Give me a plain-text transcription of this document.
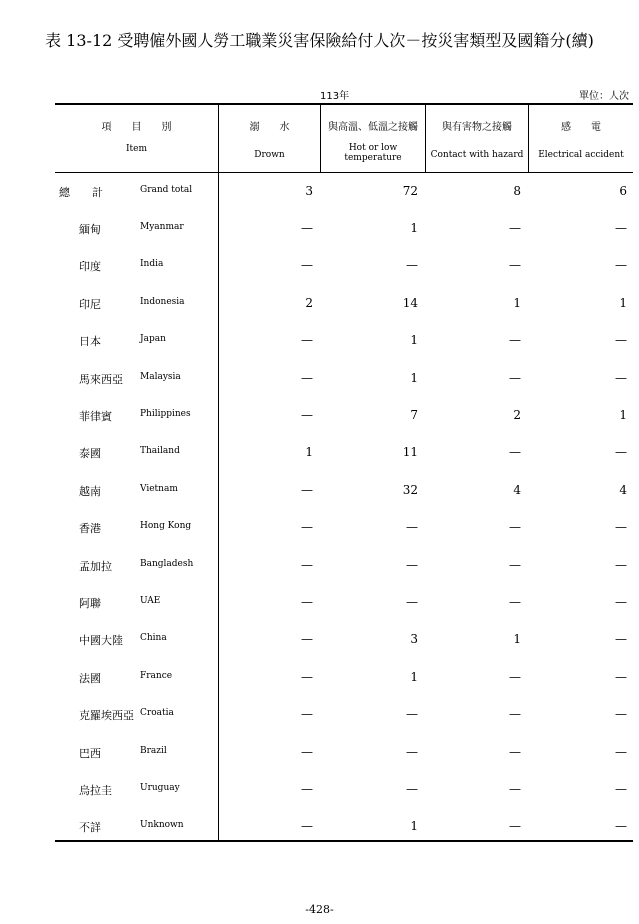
表 13-12 受聘僱外國人勞工職業災害保險給付人次－按災害類型及國籍分(續)
113年	單位：人次
項　　目　　別
Item
溺　　水
Drown
與高溫、低溫之接觸
Hot or low temperature
與有害物之接觸
Contact with hazard
感　　電
Electrical accident
總　　計	Grand total	3	72	8	6
緬甸	Myanmar	—	1	—	—
印度	India	—	—	—	—
印尼	Indonesia	2	14	1	1
日本	Japan	—	1	—	—
馬來西亞 Malaysia	—	1	—	—
菲律賓	Philippines	—	7	2	1
泰國	Thailand	1	11	—	—
越南	Vietnam	—	32	4	4
香港	Hong Kong	—	—	—	—
孟加拉	Bangladesh	—	—	—	—
阿聯	UAE	—	—	—	—
中國大陸 China	—	3	1	—
法國	France	—	1	—	—
克羅埃西亞 Croatia	—	—	—	—
巴西	Brazil	—	—	—	—
烏拉圭	Uruguay	—	—	—	—
不詳	Unknown	—	1	—	—
-428-
